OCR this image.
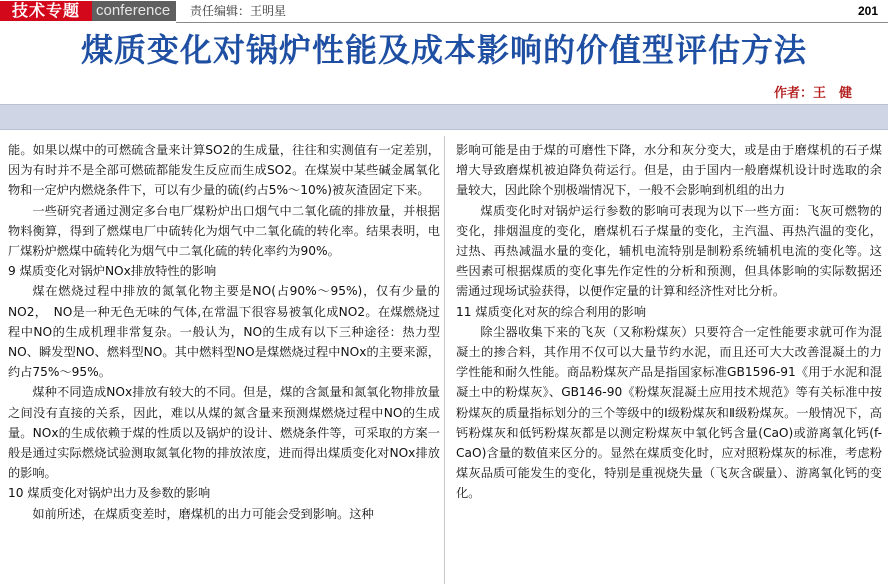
技术专题	conference	责任编辑：王明星	201
煤质变化对锅炉性能及成本影响的价值型评估方法
作者：王　健

能。如果以煤中的可燃硫含量来计算SO2的生成量，往往和实测值有一定差别，因为有时并不是全部可燃硫都能发生反应而生成SO2。在煤炭中某些碱金属氧化物和一定炉内燃烧条件下，可以有少量的硫(约占5%～10%)被灰渣固定下来。

一些研究者通过测定多台电厂煤粉炉出口烟气中二氧化硫的排放量，并根据物料衡算，得到了燃煤电厂中硫转化为烟气中二氧化硫的转化率。结果表明，电厂煤粉炉燃煤中硫转化为烟气中二氧化硫的转化率约为90%。

9 煤质变化对锅炉NOx排放特性的影响

煤在燃烧过程中排放的氮氧化物主要是NO(占90%～95%)，仅有少量的NO2，　NO是一种无色无味的气体,在常温下很容易被氧化成NO2。在煤燃烧过程中NO的生成机理非常复杂。一般认为，NO的生成有以下三种途径：热力型NO、瞬发型NO、燃料型NO。其中燃料型NO是煤燃烧过程中NOx的主要来源，约占75%～95%。

煤种不同造成NOx排放有较大的不同。但是，煤的含氮量和氮氧化物排放量之间没有直接的关系，因此，难以从煤的氮含量来预测煤燃烧过程中NO的生成量。NOx的生成依赖于煤的性质以及锅炉的设计、燃烧条件等，可采取的方案一般是通过实际燃烧试验测取氮氧化物的排放浓度，进而得出煤质变化对NOx排放的影响。

10 煤质变化对锅炉出力及参数的影响

如前所述，在煤质变差时，磨煤机的出力可能会受到影响。这种

影响可能是由于煤的可磨性下降，水分和灰分变大，或是由于磨煤机的石子煤增大导致磨煤机被迫降负荷运行。但是，由于国内一般磨煤机设计时选取的余量较大，因此除个别极端情况下，一般不会影响到机组的出力

煤质变化时对锅炉运行参数的影响可表现为以下一些方面：飞灰可燃物的变化，排烟温度的变化，磨煤机石子煤量的变化，主汽温、再热汽温的变化，过热、再热减温水量的变化，辅机电流特别是制粉系统辅机电流的变化等。这些因素可根据煤质的变化事先作定性的分析和预测，但具体影响的实际数据还需通过现场试验获得，以便作定量的计算和经济性对比分析。

11 煤质变化对灰的综合利用的影响

除尘器收集下来的飞灰（又称粉煤灰）只要符合一定性能要求就可作为混凝土的掺合料，其作用不仅可以大量节约水泥，而且还可大大改善混凝土的力学性能和耐久性能。商品粉煤灰产品是指国家标准GB1596-91《用于水泥和混凝土中的粉煤灰》、GB146-90《粉煤灰混凝土应用技术规范》等有关标准中按粉煤灰的质量指标划分的三个等级中的Ⅰ级粉煤灰和Ⅱ级粉煤灰。一般情况下，高钙粉煤灰和低钙粉煤灰都是以测定粉煤灰中氧化钙含量(CaO)或游离氧化钙(f-CaO)含量的数值来区分的。显然在煤质变化时，应对照粉煤灰的标准，考虑粉煤灰品质可能发生的变化，特别是重视烧失量（飞灰含碳量）、游离氧化钙的变化。
